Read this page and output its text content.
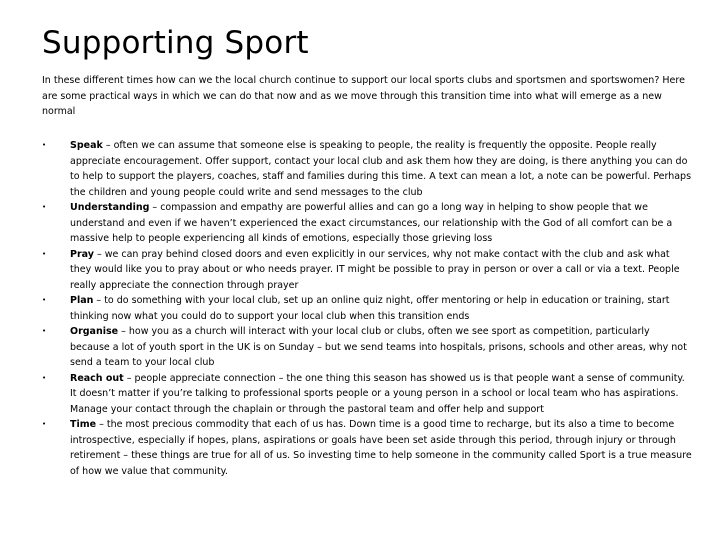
Supporting Sport

In these different times how can we the local church continue to support our local sports clubs and sportsmen and sportswomen? Here are some practical ways in which we can do that now and as we move through this transition time into what will emerge as a new normal

•	Speak – often we can assume that someone else is speaking to people, the reality is frequently the opposite. People really appreciate encouragement. Offer support, contact your local club and ask them how they are doing, is there anything you can do to help to support the players, coaches, staff and families during this time. A text can mean a lot, a note can be powerful. Perhaps the children and young people could write and send messages to the club
•	Understanding – compassion and empathy are powerful allies and can go a long way in helping to show people that we understand and even if we haven’t experienced the exact circumstances, our relationship with the God of all comfort can be a massive help to people experiencing all kinds of emotions, especially those grieving loss
•	Pray – we can pray behind closed doors and even explicitly in our services, why not make contact with the club and ask what they would like you to pray about or who needs prayer. IT might be possible to pray in person or over a call or via a text. People really appreciate the connection through prayer
•	Plan – to do something with your local club, set up an online quiz night, offer mentoring or help in education or training, start thinking now what you could do to support your local club when this transition ends
•	Organise – how you as a church will interact with your local club or clubs, often we see sport as competition, particularly because a lot of youth sport in the UK is on Sunday – but we send teams into hospitals, prisons, schools and other areas, why not send a team to your local club
•	Reach out – people appreciate connection – the one thing this season has showed us is that people want a sense of community. It doesn’t matter if you’re talking to professional sports people or a young person in a school or local team who has aspirations. Manage your contact through the chaplain or through the pastoral team and offer help and support
•	Time – the most precious commodity that each of us has. Down time is a good time to recharge, but its also a time to become introspective, especially if hopes, plans, aspirations or goals have been set aside through this period, through injury or through retirement – these things are true for all of us. So investing time to help someone in the community called Sport is a true measure of how we value that community.
